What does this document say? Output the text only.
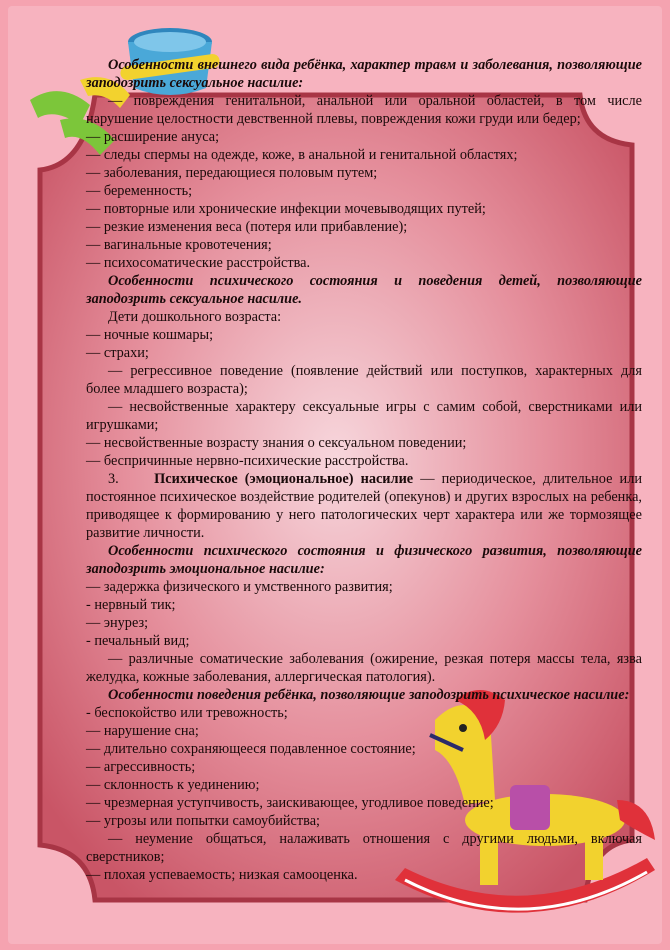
Особенности внешнего вида ребёнка, характер травм и заболевания, позволяющие заподозрить сексуальное насилие:

— повреждения генитальной, анальной или оральной областей, в том числе нарушение целостности девственной плевы, повреждения кожи груди или бедер;

— расширение ануса;

— следы спермы на одежде, коже, в анальной и генитальной областях;

— заболевания, передающиеся половым путем;

— беременность;

— повторные или хронические инфекции мочевыводящих путей;

— резкие изменения веса (потеря или прибавление);

— вагинальные кровотечения;

— психосоматические расстройства.

Особенности психического состояния и поведения детей, позволяющие заподозрить сексуальное насилие.

Дети дошкольного возраста:

— ночные кошмары;

— страхи;

— регрессивное поведение (появление действий или поступков, характерных для более младшего возраста);

— несвойственные характеру сексуальные игры с самим собой, сверстниками или игрушками;

— несвойственные возрасту знания о сексуальном поведении;

— беспричинные нервно-психические расстройства.

3. Психическое (эмоциональное) насилие — периодическое, длительное или постоянное психическое воздействие родителей (опекунов) и других взрослых на ребенка, приводящее к формированию у него патологических черт характера или же тормозящее развитие личности.

Особенности психического состояния и физического развития, позволяющие заподозрить эмоциональное насилие:

— задержка физического и умственного развития;

- нервный тик;

— энурез;

- печальный вид;

— различные соматические заболевания (ожирение, резкая потеря массы тела, язва желудка, кожные заболевания, аллергическая патология).

Особенности поведения ребёнка, позволяющие заподозрить психическое насилие:

- беспокойство или тревожность;

— нарушение сна;

— длительно сохраняющееся подавленное состояние;

— агрессивность;

— склонность к уединению;

— чрезмерная уступчивость, заискивающее, угодливое поведение;

— угрозы или попытки самоубийства;

— неумение общаться, налаживать отношения с другими людьми, включая сверстников;

— плохая успеваемость; низкая самооценка.
